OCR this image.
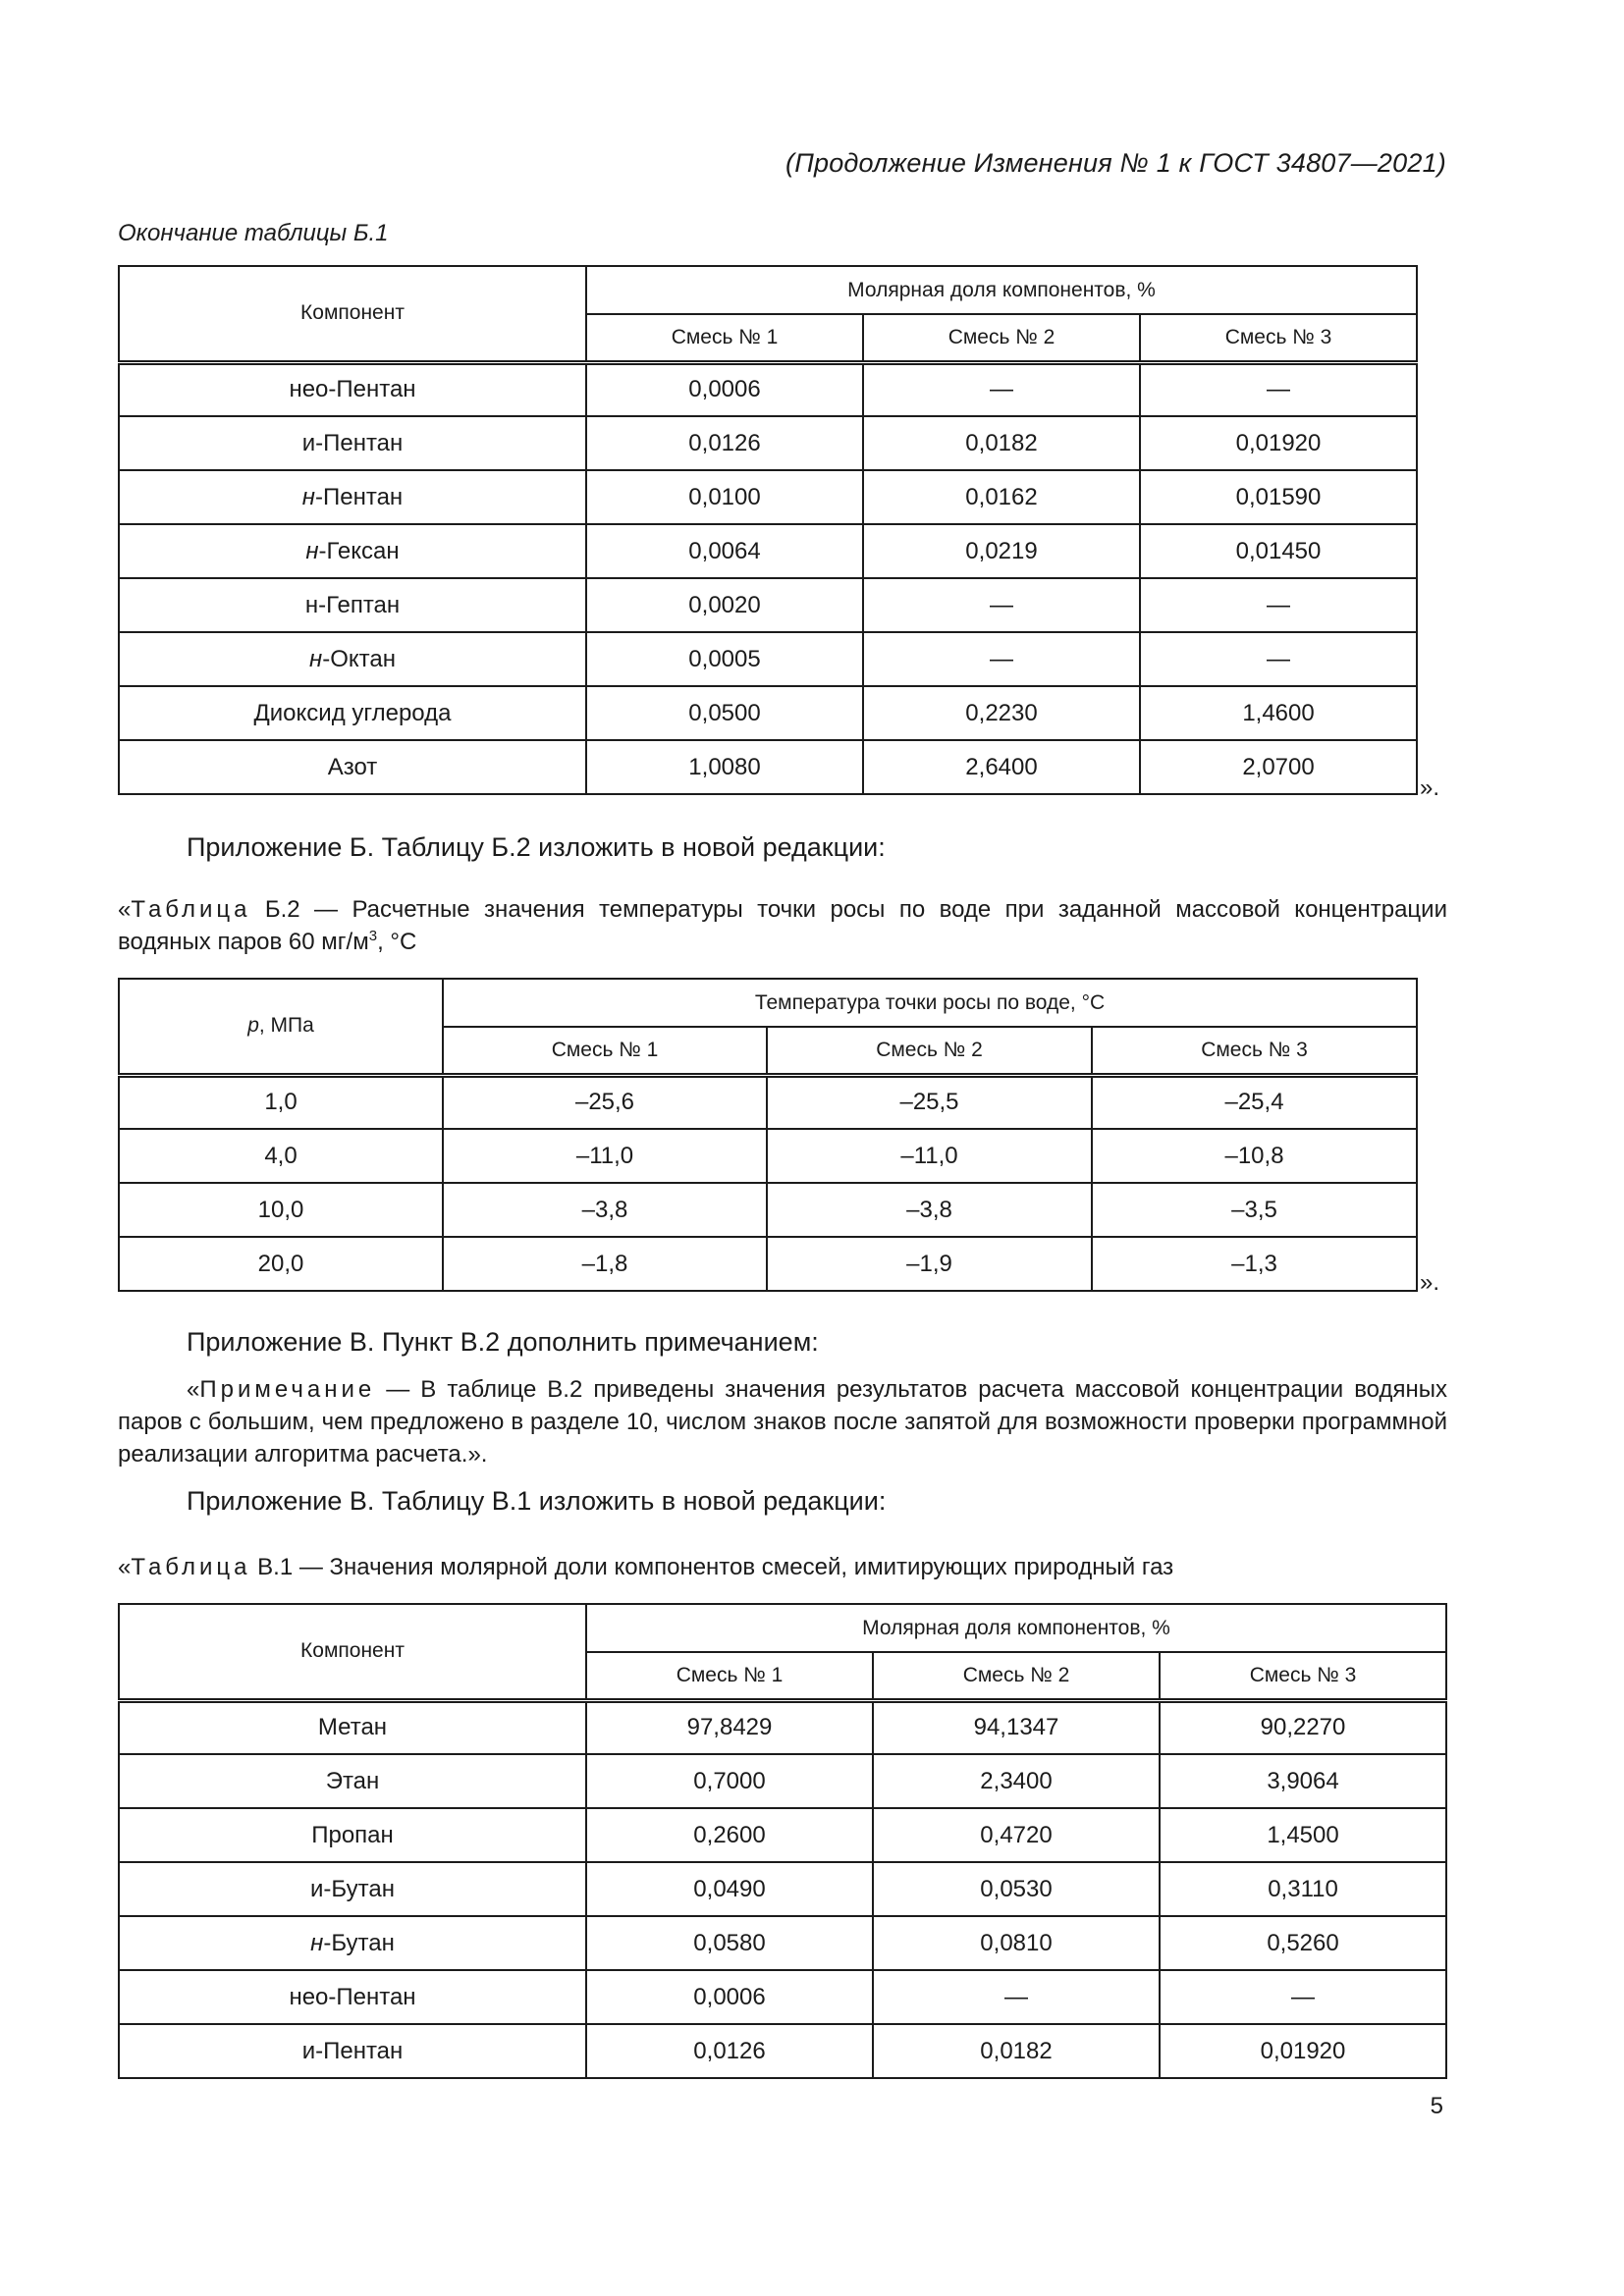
(Продолжение Изменения № 1 к ГОСТ 34807—2021)
Окончание таблицы Б.1
Компонент	Молярная доля компонентов, %		
	Смесь № 1	Смесь № 2	Смесь № 3
нео-Пентан	0,0006	—	—
и-Пентан	0,0126	0,0182	0,01920
н-Пентан	0,0100	0,0162	0,01590
н-Гексан	0,0064	0,0219	0,01450
н-Гептан	0,0020	—	—
н-Октан	0,0005	—	—
Диоксид углерода	0,0500	0,2230	1,4600
Азот	1,0080	2,6400	2,0700
».
Приложение Б. Таблицу Б.2 изложить в новой редакции:
«Таблица Б.2 — Расчетные значения температуры точки росы по воде при заданной массовой концентрации водяных паров 60 $мг/м^3$, °C
p, МПа	Температура точки росы по воде, °C		
	Смесь № 1	Смесь № 2	Смесь № 3
1,0	–25,6	–25,5	–25,4
4,0	–11,0	–11,0	–10,8
10,0	–3,8	–3,8	–3,5
20,0	–1,8	–1,9	–1,3
».
Приложение В. Пункт В.2 дополнить примечанием:
«Примечание — В таблице В.2 приведены значения результатов расчета массовой концентрации водяных паров с большим, чем предложено в разделе 10, числом знаков после запятой для возможности проверки программной реализации алгоритма расчета.».
Приложение В. Таблицу В.1 изложить в новой редакции:
«Таблица В.1 — Значения молярной доли компонентов смесей, имитирующих природный газ
Компонент	Молярная доля компонентов, %		
	Смесь № 1	Смесь № 2	Смесь № 3
Метан	97,8429	94,1347	90,2270
Этан	0,7000	2,3400	3,9064
Пропан	0,2600	0,4720	1,4500
и-Бутан	0,0490	0,0530	0,3110
н-Бутан	0,0580	0,0810	0,5260
нео-Пентан	0,0006	—	—
и-Пентан	0,0126	0,0182	0,01920
5
